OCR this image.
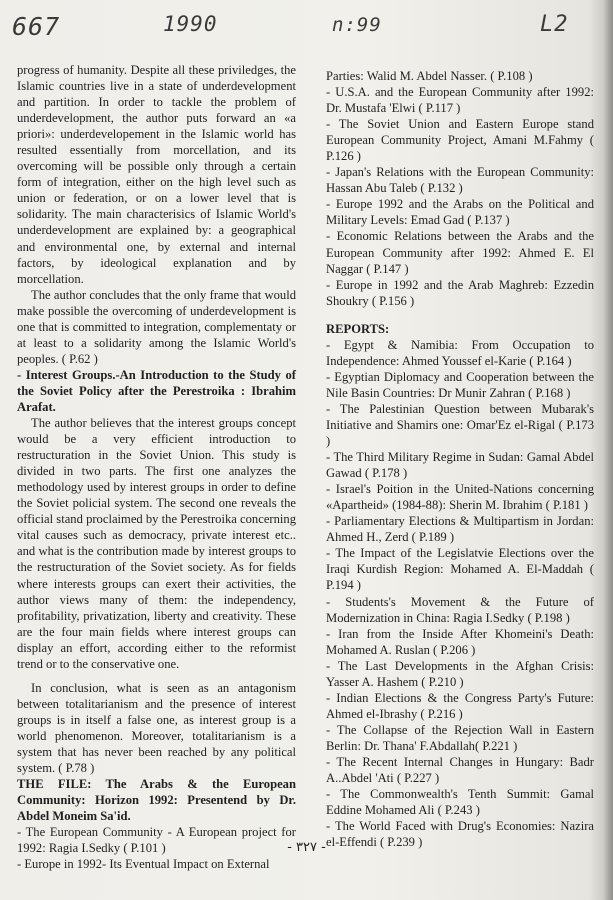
667	1990	n:99	L2

progress of humanity. Despite all these priviledges, the Islamic countries live in a state of underdevelopment and partition. In order to tackle the problem of underdevelopment, the author puts forward an «a priori»: underdevelopement in the Islamic world has resulted essentially from morcellation, and its overcoming will be possible only through a certain form of integration, either on the high level such as union or federation, or on a lower level that is solidarity. The main characterisics of Islamic World's underdevelopment are explained by: a geographical and environmental one, by external and internal factors, by ideological explanation and by morcellation.

The author concludes that the only frame that would make possible the overcoming of underdevelopment is one that is committed to integration, complementaty or at least to a solidarity among the Islamic World's peoples. ( P.62 )

- Interest Groups.-An Introduction to the Study of the Soviet Policy after the Perestroika : Ibrahim Arafat.

The author believes that the interest groups concept would be a very efficient introduction to restructuration in the Soviet Union. This study is divided in two parts. The first one analyzes the methodology used by interest groups in order to define the Soviet policial system. The second one reveals the official stand proclaimed by the Perestroika concerning vital causes such as democracy, private interest etc.. and what is the contribution made by interest groups to the restructuration of the Soviet society. As for fields where interests groups can exert their activities, the author views many of them: the independency, profitability, privatization, liberty and creativity. These are the four main fields where interest groups can display an effort, according either to the reformist trend or to the conservative one.

In conclusion, what is seen as an antagonism between totalitarianism and the presence of interest groups is in itself a false one, as interest group is a world phenomenon. Moreover, totalitarianism is a system that has never been reached by any political system. ( P.78 )

THE FILE: The Arabs & the European Community: Horizon 1992: Presentend by Dr. Abdel Moneim Sa'id.

- The European Community - A European project for 1992: Ragia I.Sedky ( P.101 )

- Europe in 1992- Its Eventual Impact on External

Parties: Walid M. Abdel Nasser. ( P.108 )

- U.S.A. and the European Community after 1992: Dr. Mustafa 'Elwi ( P.117 )

- The Soviet Union and Eastern Europe stand European Community Project, Amani M.Fahmy ( P.126 )

- Japan's Relations with the European Community: Hassan Abu Taleb ( P.132 )

- Europe 1992 and the Arabs on the Political and Military Levels: Emad Gad ( P.137 )

- Economic Relations between the Arabs and the European Community after 1992: Ahmed E. El Naggar ( P.147 )

- Europe in 1992 and the Arab Maghreb: Ezzedin Shoukry ( P.156 )

REPORTS:

- Egypt & Namibia: From Occupation to Independence: Ahmed Youssef el-Karie ( P.164 )

- Egyptian Diplomacy and Cooperation between the Nile Basin Countries: Dr Munir Zahran ( P.168 )

- The Palestinian Question between Mubarak's Initiative and Shamirs one: Omar'Ez el-Rigal ( P.173 )

- The Third Military Regime in Sudan: Gamal Abdel Gawad ( P.178 )

- Israel's Poition in the United-Nations concerning «Apartheid» (1984-88): Sherin M. Ibrahim ( P.181 )

- Parliamentary Elections & Multipartism in Jordan: Ahmed H., Zerd ( P.189 )

- The Impact of the Legislatvie Elections over the Iraqi Kurdish Region: Mohamed A. El-Maddah ( P.194 )

- Students's Movement & the Future of Modernization in China: Ragia I.Sedky ( P.198 )

- Iran from the Inside After Khomeini's Death: Mohamed A. Ruslan ( P.206 )

- The Last Developments in the Afghan Crisis: Yasser A. Hashem ( P.210 )

- Indian Elections & the Congress Party's Future: Ahmed el-Ibrashy ( P.216 )

- The Collapse of the Rejection Wall in Eastern Berlin: Dr. Thana' F.Abdallah( P.221 )

- The Recent Internal Changes in Hungary: Badr A..Abdel 'Ati ( P.227 )

- The Commonwealth's Tenth Summit: Gamal Eddine Mohamed Ali ( P.243 )

- The World Faced with Drug's Economies: Nazira el-Effendi ( P.239 )

- ٣٢٧ -
